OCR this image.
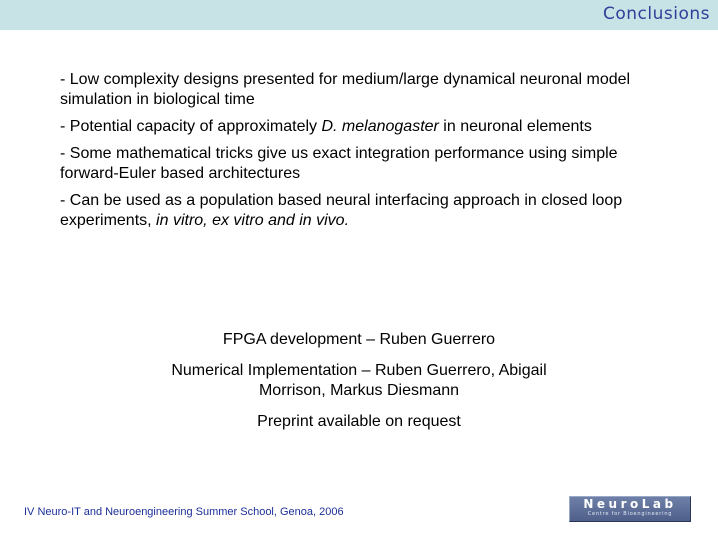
Conclusions
- Low complexity designs presented for medium/large dynamical neuronal model simulation in biological time
- Potential capacity of approximately D. melanogaster in neuronal elements
- Some mathematical tricks give us exact integration performance using simple forward-Euler based architectures
- Can be used as a population based neural interfacing approach in closed loop experiments, in vitro, ex vitro and in vivo.
FPGA development – Ruben Guerrero
Numerical Implementation – Ruben Guerrero, Abigail Morrison, Markus Diesmann
Preprint available on request
IV Neuro-IT and Neuroengineering Summer School, Genoa, 2006
NeuroLab
Centre for Bioengineering
